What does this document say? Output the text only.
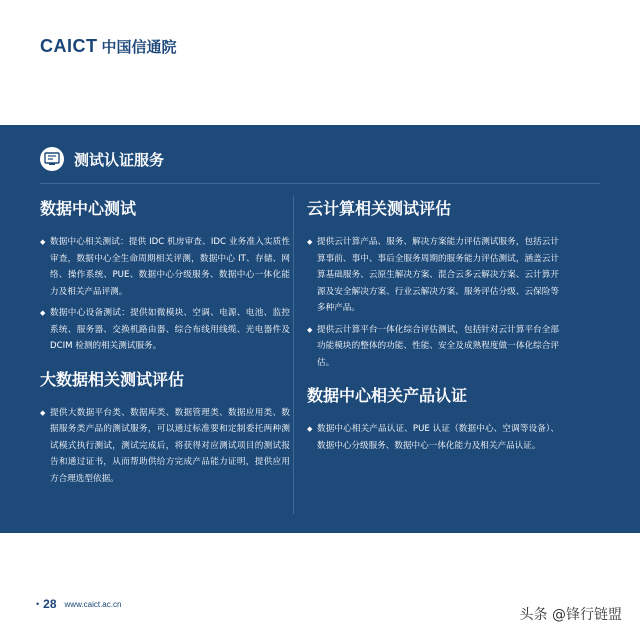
CAICT 中国信通院
测试认证服务
数据中心测试
◆ 数据中心相关测试：提供 IDC 机房审查、IDC 业务准入实质性审查，数据中心全生命周期相关评测，数据中心 IT、存储、网络、操作系统、PUE、数据中心分级服务、数据中心一体化能力及相关产品评测。
◆ 数据中心设备测试：提供如微模块、空调、电源、电池、监控系统、服务器、交换机路由器、综合布线用线缆、光电器件及 DCIM 检测的相关测试服务。
大数据相关测试评估
◆ 提供大数据平台类、数据库类、数据管理类、数据应用类、数据服务类产品的测试服务，可以通过标准要和定制委托两种测试模式执行测试，测试完成后，将获得对应测试项目的测试报告和通过证书，从而帮助供给方完成产品能力证明，提供应用方合理选型依据。
云计算相关测试评估
◆ 提供云计算产品、服务、解决方案能力评估测试服务，包括云计算事前、事中、事后全服务周期的服务能力评估测试，涵盖云计算基础服务、云原生解决方案、混合云多云解决方案、云计算开源及安全解决方案、行业云解决方案、服务评估分级、云保险等多种产品。
◆ 提供云计算平台一体化综合评估测试，包括针对云计算平台全部功能模块的整体的功能、性能、安全及成熟程度做一体化综合评估。
数据中心相关产品认证
◆ 数据中心相关产品认证、PUE 认证（数据中心、空调等设备）、数据中心分级服务、数据中心一体化能力及相关产品认证。
• 28 www.caict.ac.cn
头条 @锋行链盟
